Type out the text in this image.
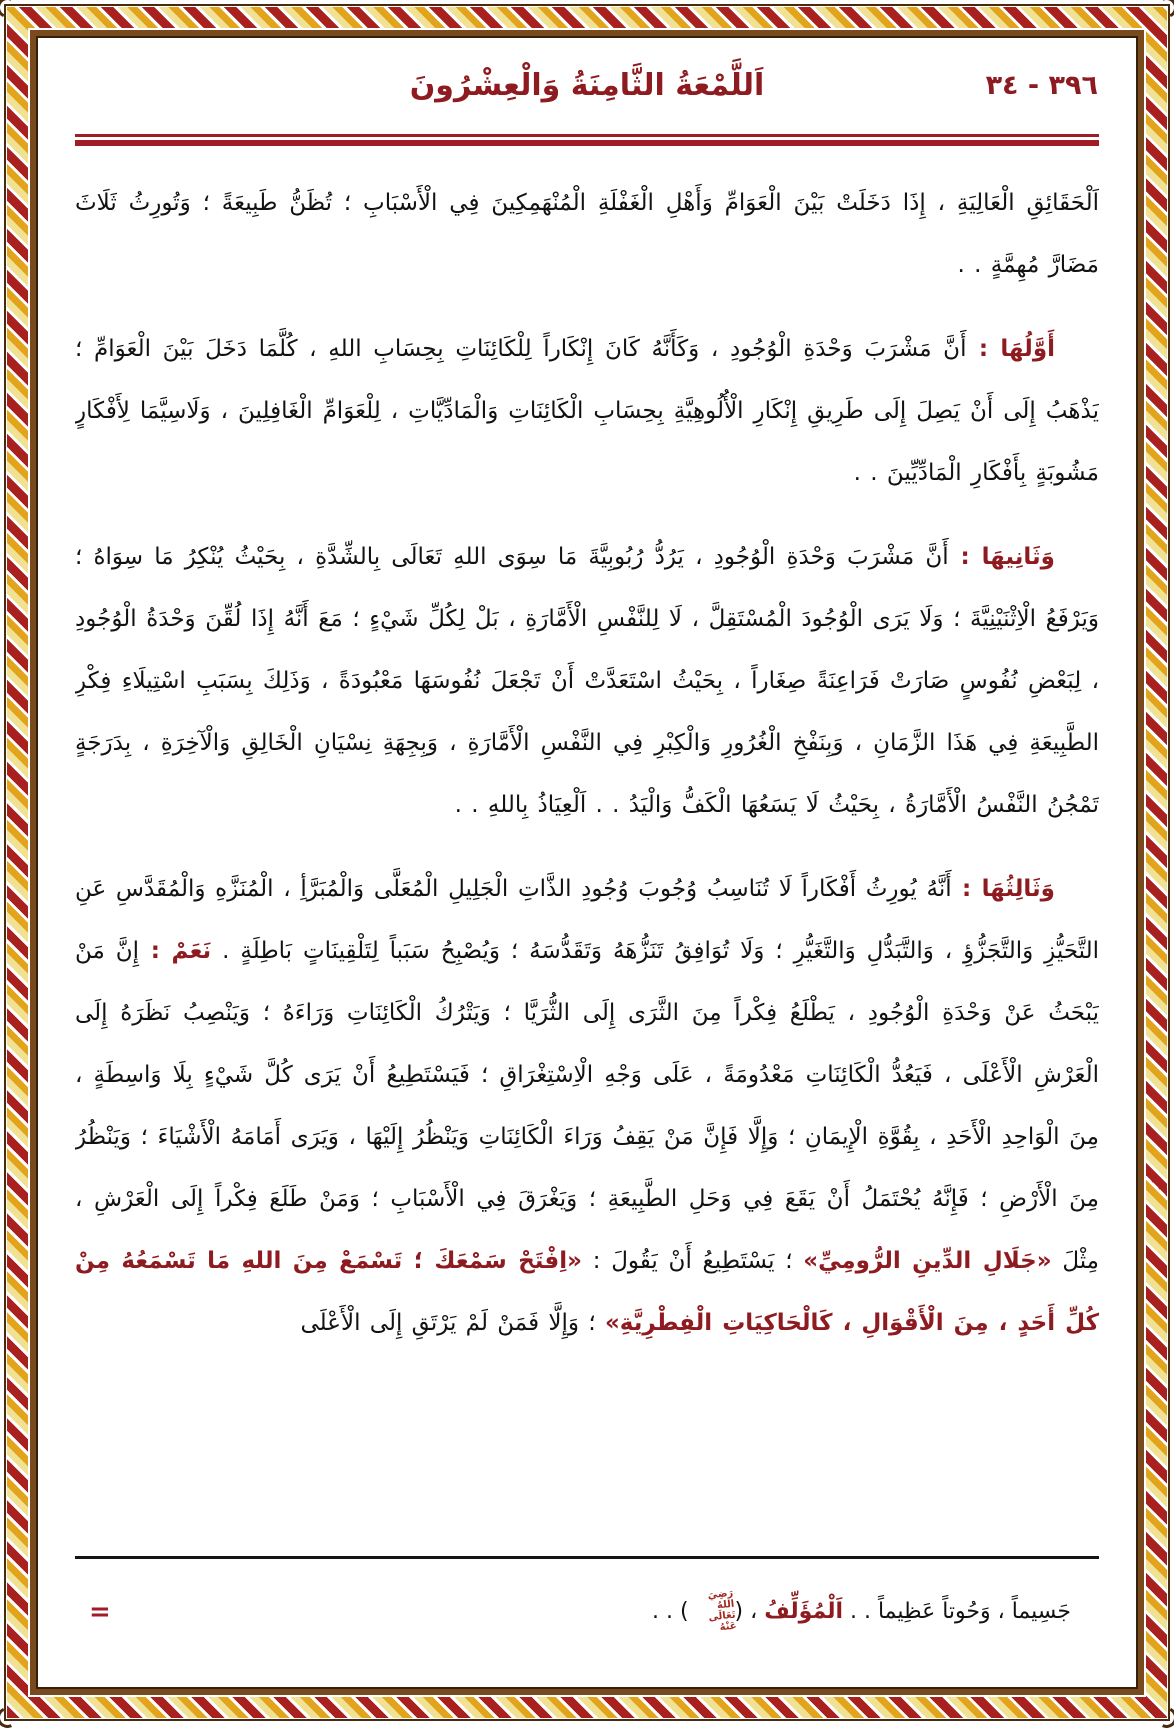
اَللَّمْعَةُ الثَّامِنَةُ وَالْعِشْرُونَ	٣٩٦ - ٣٤

اَلْحَقَائِقِ الْعَالِيَةِ ، إِذَا دَخَلَتْ بَيْنَ الْعَوَامِّ وَأَهْلِ الْغَفْلَةِ الْمُنْهَمِكِينَ فِي الْأَسْبَابِ ؛ تُظَنُّ طَبِيعَةً ؛ وَتُورِثُ ثَلَاثَ مَضَارَّ مُهِمَّةٍ . .

أَوَّلُهَا : أَنَّ مَشْرَبَ وَحْدَةِ الْوُجُودِ ، وَكَأَنَّهُ كَانَ إِنْكَاراً لِلْكَائِنَاتِ بِحِسَابِ اللهِ ، كُلَّمَا دَخَلَ بَيْنَ الْعَوَامِّ ؛ يَذْهَبُ إِلَى أَنْ يَصِلَ إِلَى طَرِيقِ إِنْكَارِ الْأُلُوهِيَّةِ بِحِسَابِ الْكَائِنَاتِ وَالْمَادِّيَّاتِ ، لِلْعَوَامِّ الْغَافِلِينَ ، وَلَاسِيَّمَا لِأَفْكَارٍ مَشُوبَةٍ بِأَفْكَارِ الْمَادِّيِّينَ . .

وَثَانِيهَا : أَنَّ مَشْرَبَ وَحْدَةِ الْوُجُودِ ، يَرُدُّ رُبُوبِيَّةَ مَا سِوَى اللهِ تَعَالَى بِالشِّدَّةِ ، بِحَيْثُ يُنْكِرُ مَا سِوَاهُ ؛ وَيَرْفَعُ الْاِثْنَيْنِيَّةَ ؛ وَلَا يَرَى الْوُجُودَ الْمُسْتَقِلَّ ، لَا لِلنَّفْسِ الْأَمَّارَةِ ، بَلْ لِكُلِّ شَيْءٍ ؛ مَعَ أَنَّهُ إِذَا لُقِّنَ وَحْدَةُ الْوُجُودِ ، لِبَعْضِ نُفُوسٍ صَارَتْ فَرَاعِنَةً صِغَاراً ، بِحَيْثُ اسْتَعَدَّتْ أَنْ تَجْعَلَ نُفُوسَهَا مَعْبُودَةً ، وَذَلِكَ بِسَبَبِ اسْتِيلَاءِ فِكْرِ الطَّبِيعَةِ فِي هَذَا الزَّمَانِ ، وَبِنَفْخِ الْغُرُورِ وَالْكِبْرِ فِي النَّفْسِ الْأَمَّارَةِ ، وَبِجِهَةِ نِسْيَانِ الْخَالِقِ وَالْآخِرَةِ ، بِدَرَجَةٍ تَمْجُنُ النَّفْسُ الْأَمَّارَةُ ، بِحَيْثُ لَا يَسَعُهَا الْكَفُّ وَالْيَدُ . . اَلْعِيَاذُ بِاللهِ . .

وَثَالِثُهَا : أَنَّهُ يُورِثُ أَفْكَاراً لَا تُنَاسِبُ وُجُوبَ وُجُودِ الذَّاتِ الْجَلِيلِ الْمُعَلَّى وَالْمُبَرَّأِ ، الْمُنَزَّهِ وَالْمُقَدَّسِ عَنِ التَّحَيُّزِ وَالتَّجَزُّؤِ ، وَالتَّبَدُّلِ وَالتَّغَيُّرِ ؛ وَلَا تُوَافِقُ تَنَزُّهَهُ وَتَقَدُّسَهُ ؛ وَيُصْبِحُ سَبَباً لِتَلْقِينَاتٍ بَاطِلَةٍ . نَعَمْ : إِنَّ مَنْ يَبْحَثُ عَنْ وَحْدَةِ الْوُجُودِ ، يَطْلَعُ فِكْراً مِنَ الثَّرَى إِلَى الثُّرَيَّا ؛ وَيَتْرُكُ الْكَائِنَاتِ وَرَاءَهُ ؛ وَيَنْصِبُ نَظَرَهُ إِلَى الْعَرْشِ الْأَعْلَى ، فَيَعُدُّ الْكَائِنَاتِ مَعْدُومَةً ، عَلَى وَجْهِ الْاِسْتِغْرَاقِ ؛ فَيَسْتَطِيعُ أَنْ يَرَى كُلَّ شَيْءٍ بِلَا وَاسِطَةٍ ، مِنَ الْوَاحِدِ الْأَحَدِ ، بِقُوَّةِ الْإِيمَانِ ؛ وَإِلَّا فَإِنَّ مَنْ يَقِفُ وَرَاءَ الْكَائِنَاتِ وَيَنْظُرُ إِلَيْهَا ، وَيَرَى أَمَامَهُ الْأَشْيَاءَ ؛ وَيَنْظُرُ مِنَ الْأَرْضِ ؛ فَإِنَّهُ يُحْتَمَلُ أَنْ يَقَعَ فِي وَحَلِ الطَّبِيعَةِ ؛ وَيَغْرَقَ فِي الْأَسْبَابِ ؛ وَمَنْ طَلَعَ فِكْراً إِلَى الْعَرْشِ ، مِثْلَ «جَلَالِ الدِّينِ الرُّومِيِّ» ؛ يَسْتَطِيعُ أَنْ يَقُولَ : «اِفْتَحْ سَمْعَكَ ؛ تَسْمَعْ مِنَ اللهِ مَا تَسْمَعُهُ مِنْ كُلِّ أَحَدٍ ، مِنَ الْأَقْوَالِ ، كَالْحَاكِيَاتِ الْفِطْرِيَّةِ» ؛ وَإِلَّا فَمَنْ لَمْ يَرْتَقِ إِلَى الْأَعْلَى

=	جَسِيماً ، وَحُوتاً عَظِيماً . . اَلْمُؤَلِّفُ ، (
رَضِيَ اللهُ
تَعَالَى عَنْهُ
) . .
